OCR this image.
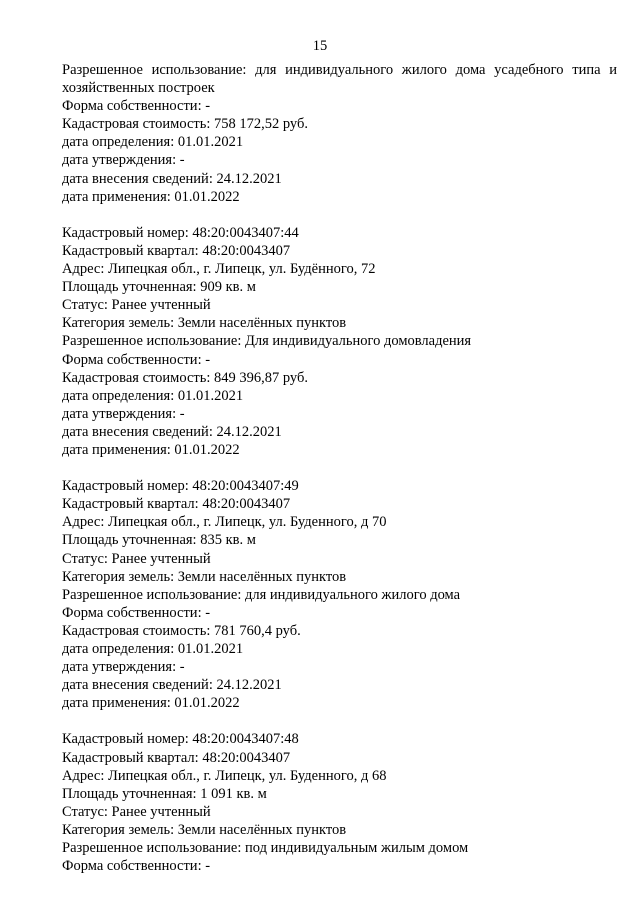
15

Разрешенное использование: для индивидуального жилого дома усадебного типа и хозяйственных построек

Форма собственности: -

Кадастровая стоимость: 758 172,52 руб.

дата определения: 01.01.2021

дата утверждения: -

дата внесения сведений: 24.12.2021

дата применения: 01.01.2022

Кадастровый номер: 48:20:0043407:44

Кадастровый квартал: 48:20:0043407

Адрес: Липецкая обл., г. Липецк, ул. Будённого, 72

Площадь уточненная: 909 кв. м

Статус: Ранее учтенный

Категория земель: Земли населённых пунктов

Разрешенное использование: Для индивидуального домовладения

Форма собственности: -

Кадастровая стоимость: 849 396,87 руб.

дата определения: 01.01.2021

дата утверждения: -

дата внесения сведений: 24.12.2021

дата применения: 01.01.2022

Кадастровый номер: 48:20:0043407:49

Кадастровый квартал: 48:20:0043407

Адрес: Липецкая обл., г. Липецк, ул. Буденного, д 70

Площадь уточненная: 835 кв. м

Статус: Ранее учтенный

Категория земель: Земли населённых пунктов

Разрешенное использование: для индивидуального жилого дома

Форма собственности: -

Кадастровая стоимость: 781 760,4 руб.

дата определения: 01.01.2021

дата утверждения: -

дата внесения сведений: 24.12.2021

дата применения: 01.01.2022

Кадастровый номер: 48:20:0043407:48

Кадастровый квартал: 48:20:0043407

Адрес: Липецкая обл., г. Липецк, ул. Буденного, д 68

Площадь уточненная: 1 091 кв. м

Статус: Ранее учтенный

Категория земель: Земли населённых пунктов

Разрешенное использование: под индивидуальным жилым домом

Форма собственности: -
